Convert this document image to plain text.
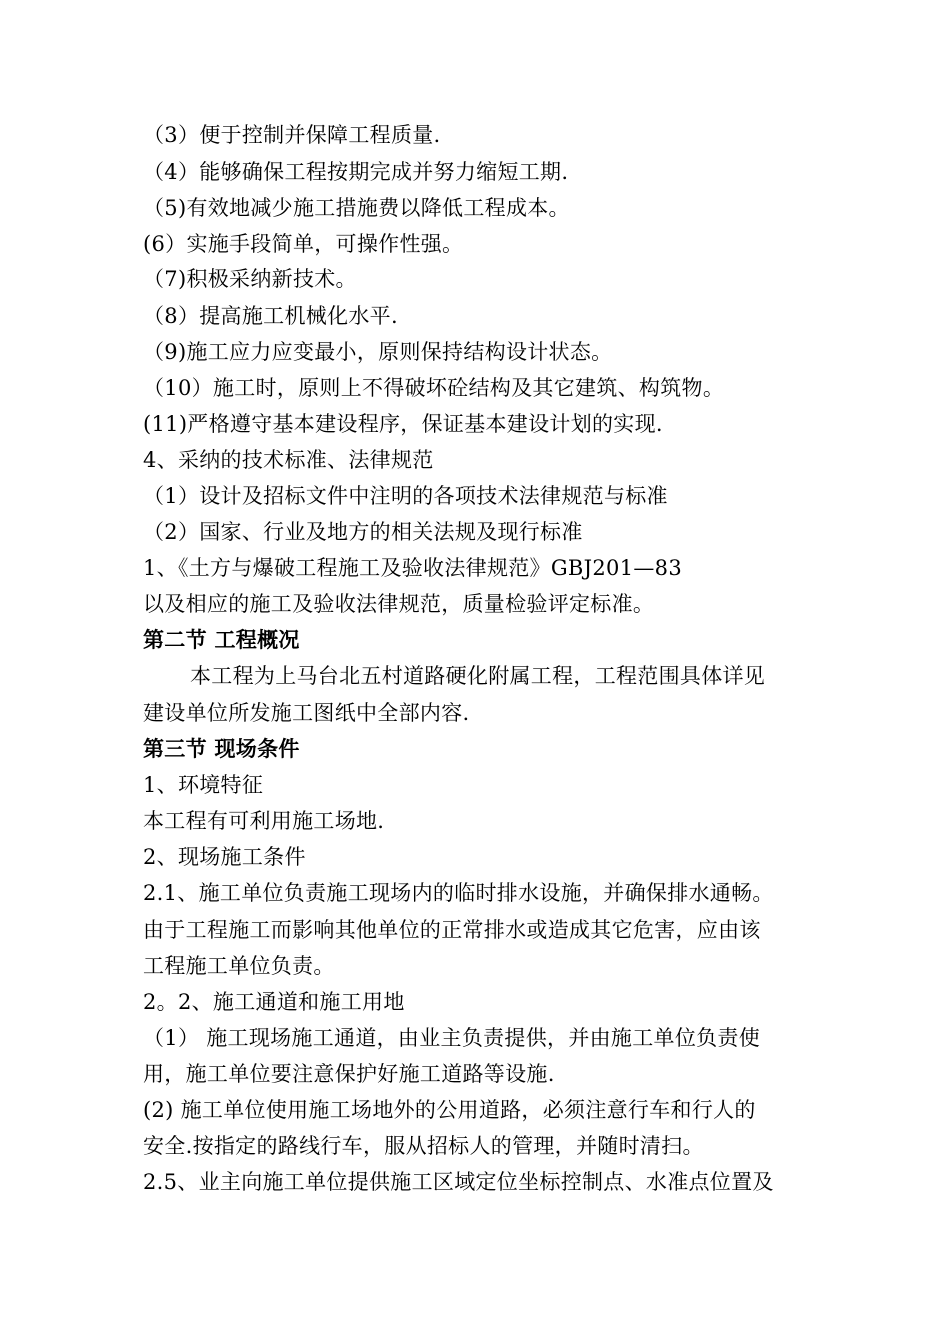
（3）便于控制并保障工程质量.
（4）能够确保工程按期完成并努力缩短工期.
（5)有效地减少施工措施费以降低工程成本。
(6）实施手段简单，可操作性强。
（7)积极采纳新技术。
（8）提高施工机械化水平.
（9)施工应力应变最小，原则保持结构设计状态。
（10）施工时，原则上不得破坏砼结构及其它建筑、构筑物。
(11)严格遵守基本建设程序，保证基本建设计划的实现.
4、采纳的技术标准、法律规范
（1）设计及招标文件中注明的各项技术法律规范与标准
（2）国家、行业及地方的相关法规及现行标准
1、《土方与爆破工程施工及验收法律规范》GBJ201—83
以及相应的施工及验收法律规范，质量检验评定标准。
第二节 工程概况
本工程为上马台北五村道路硬化附属工程，工程范围具体详见
建设单位所发施工图纸中全部内容.
第三节 现场条件
1、环境特征
本工程有可利用施工场地.
2、现场施工条件
2.1、施工单位负责施工现场内的临时排水设施，并确保排水通畅。
由于工程施工而影响其他单位的正常排水或造成其它危害，应由该
工程施工单位负责。
2。2、施工通道和施工用地
（1） 施工现场施工通道，由业主负责提供，并由施工单位负责使
用，施工单位要注意保护好施工道路等设施.
(2) 施工单位使用施工场地外的公用道路，必须注意行车和行人的
安全.按指定的路线行车，服从招标人的管理，并随时清扫。
2.5、业主向施工单位提供施工区域定位坐标控制点、水准点位置及
